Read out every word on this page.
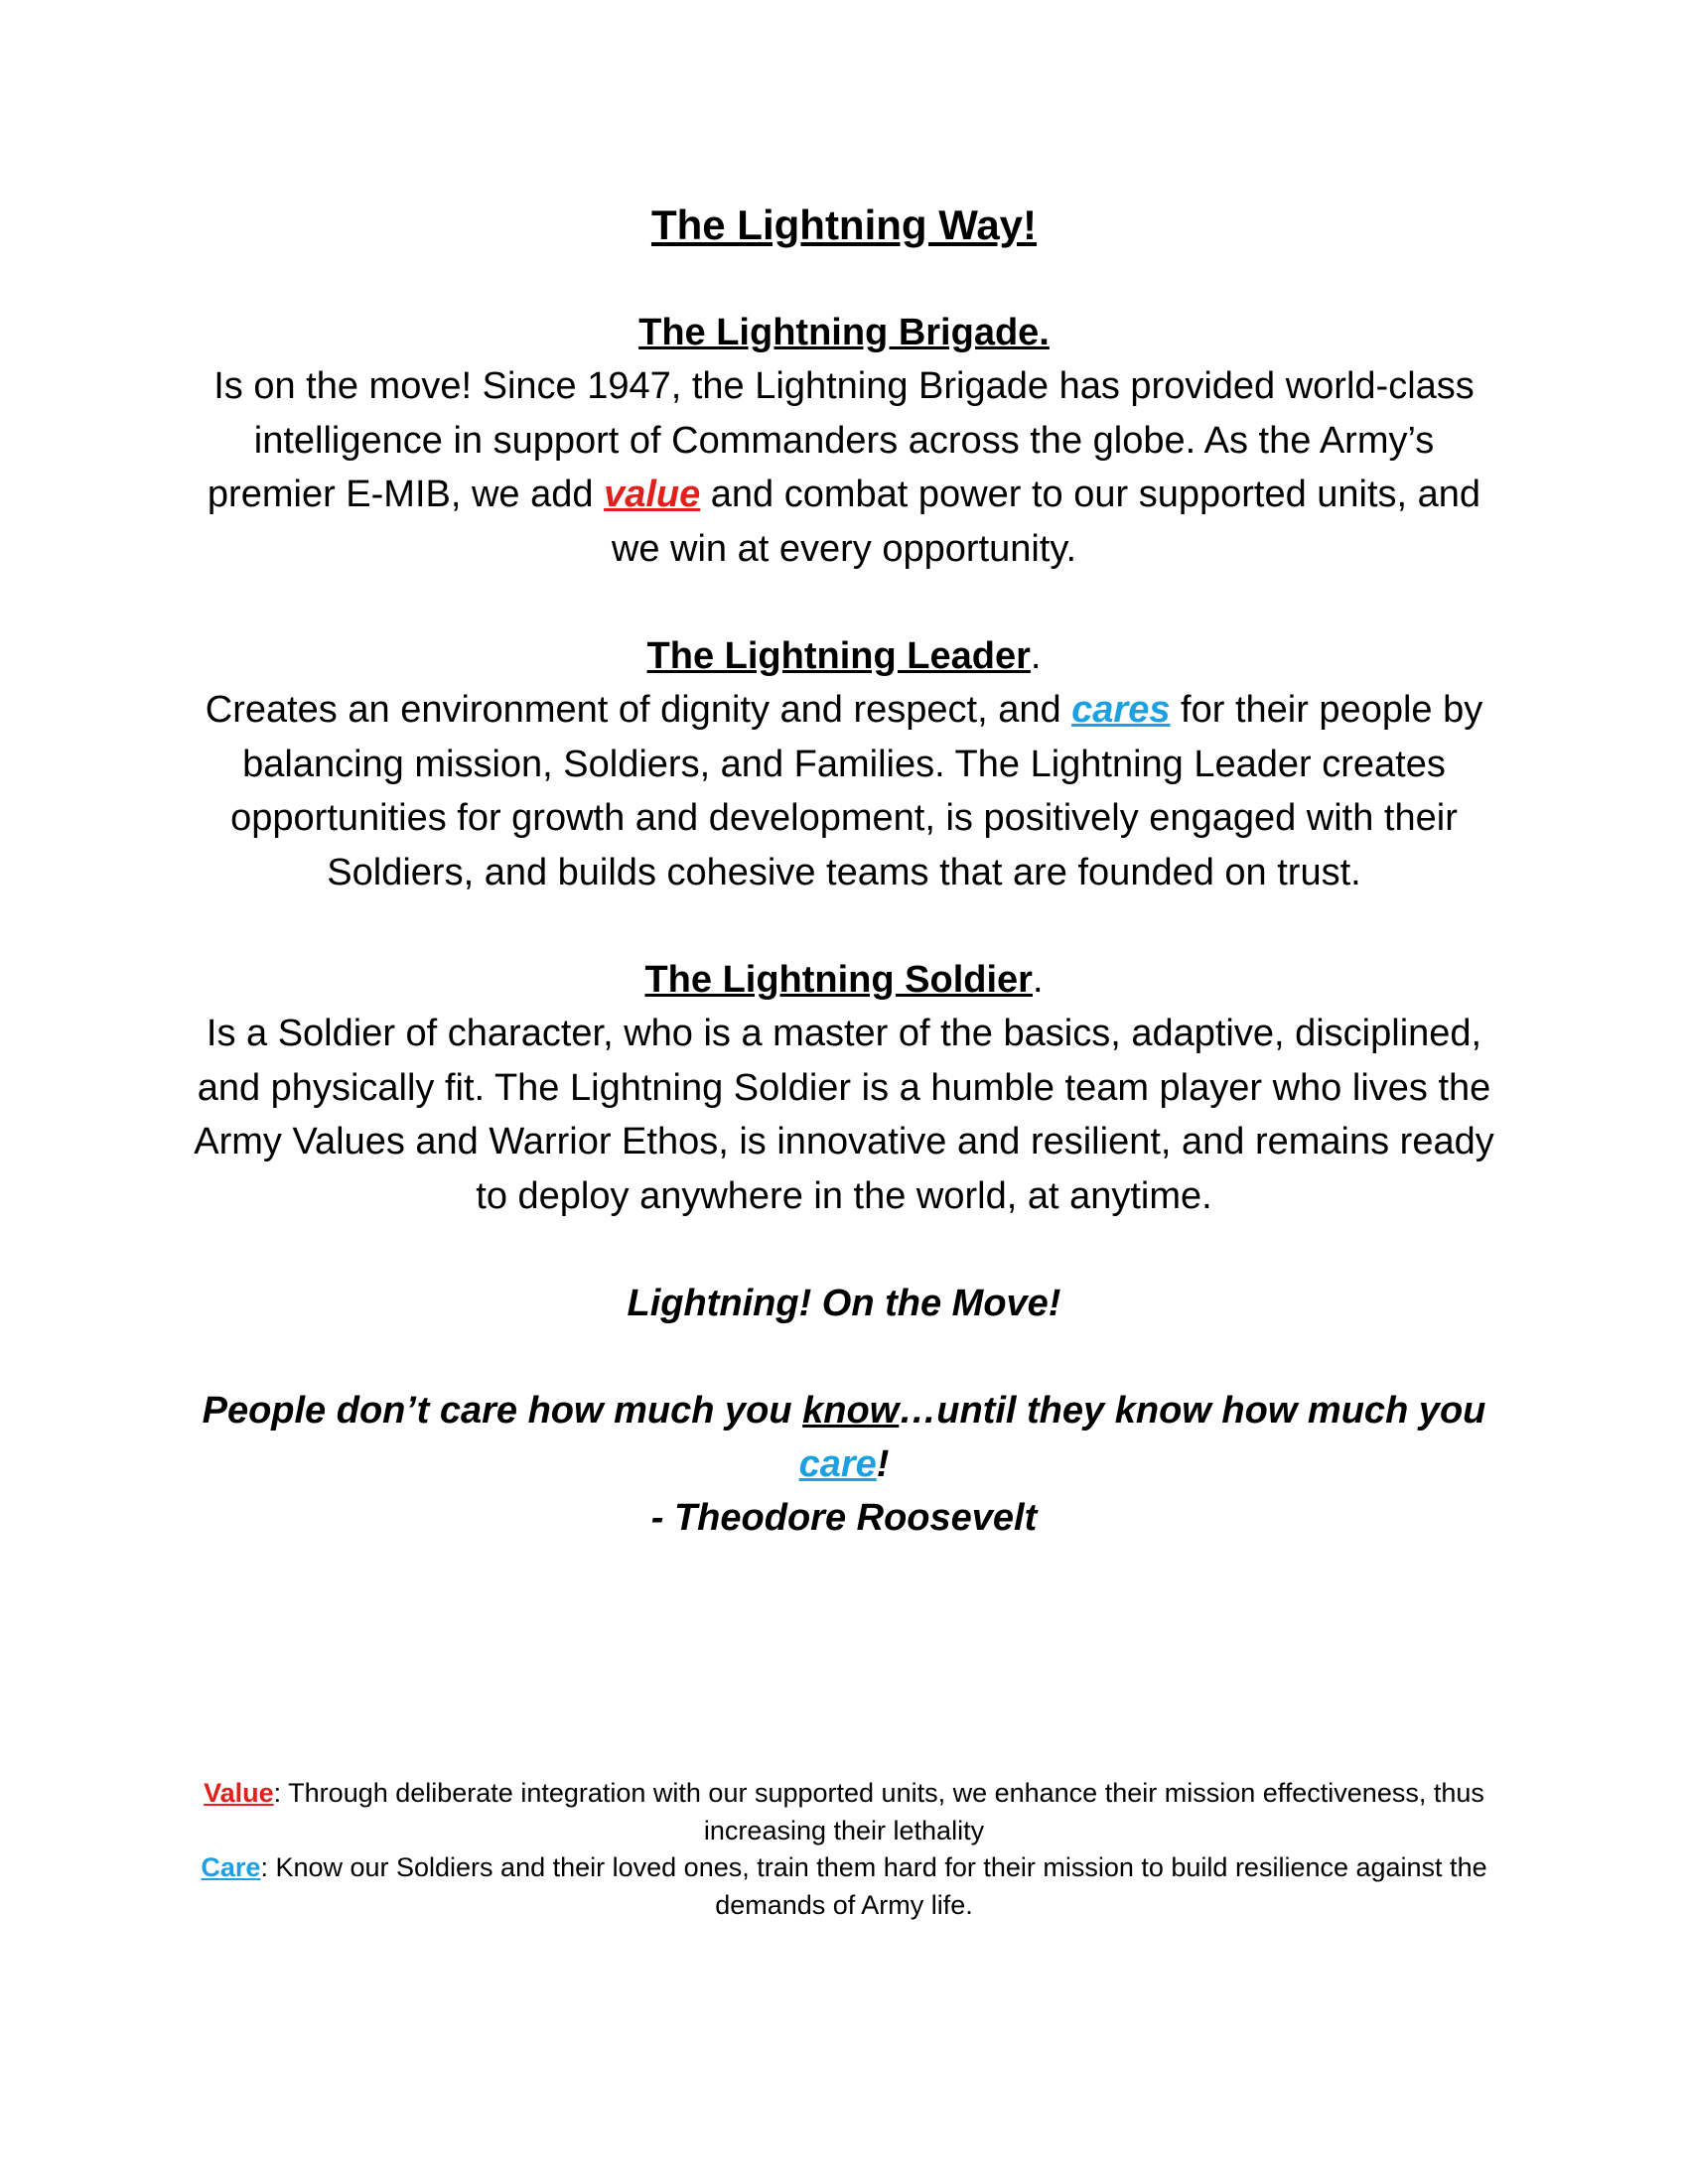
The Lightning Way!

The Lightning Brigade.

Is on the move! Since 1947, the Lightning Brigade has provided world-class intelligence in support of Commanders across the globe. As the Army’s premier E-MIB, we add value and combat power to our supported units, and we win at every opportunity.

The Lightning Leader.

Creates an environment of dignity and respect, and cares for their people by balancing mission, Soldiers, and Families. The Lightning Leader creates opportunities for growth and development, is positively engaged with their Soldiers, and builds cohesive teams that are founded on trust.

The Lightning Soldier.

Is a Soldier of character, who is a master of the basics, adaptive, disciplined, and physically fit. The Lightning Soldier is a humble team player who lives the Army Values and Warrior Ethos, is innovative and resilient, and remains ready to deploy anywhere in the world, at anytime.

Lightning! On the Move!

People don’t care how much you know…until they know how much you care!

- Theodore Roosevelt

Value: Through deliberate integration with our supported units, we enhance their mission effectiveness, thus increasing their lethality

Care: Know our Soldiers and their loved ones, train them hard for their mission to build resilience against the demands of Army life.
